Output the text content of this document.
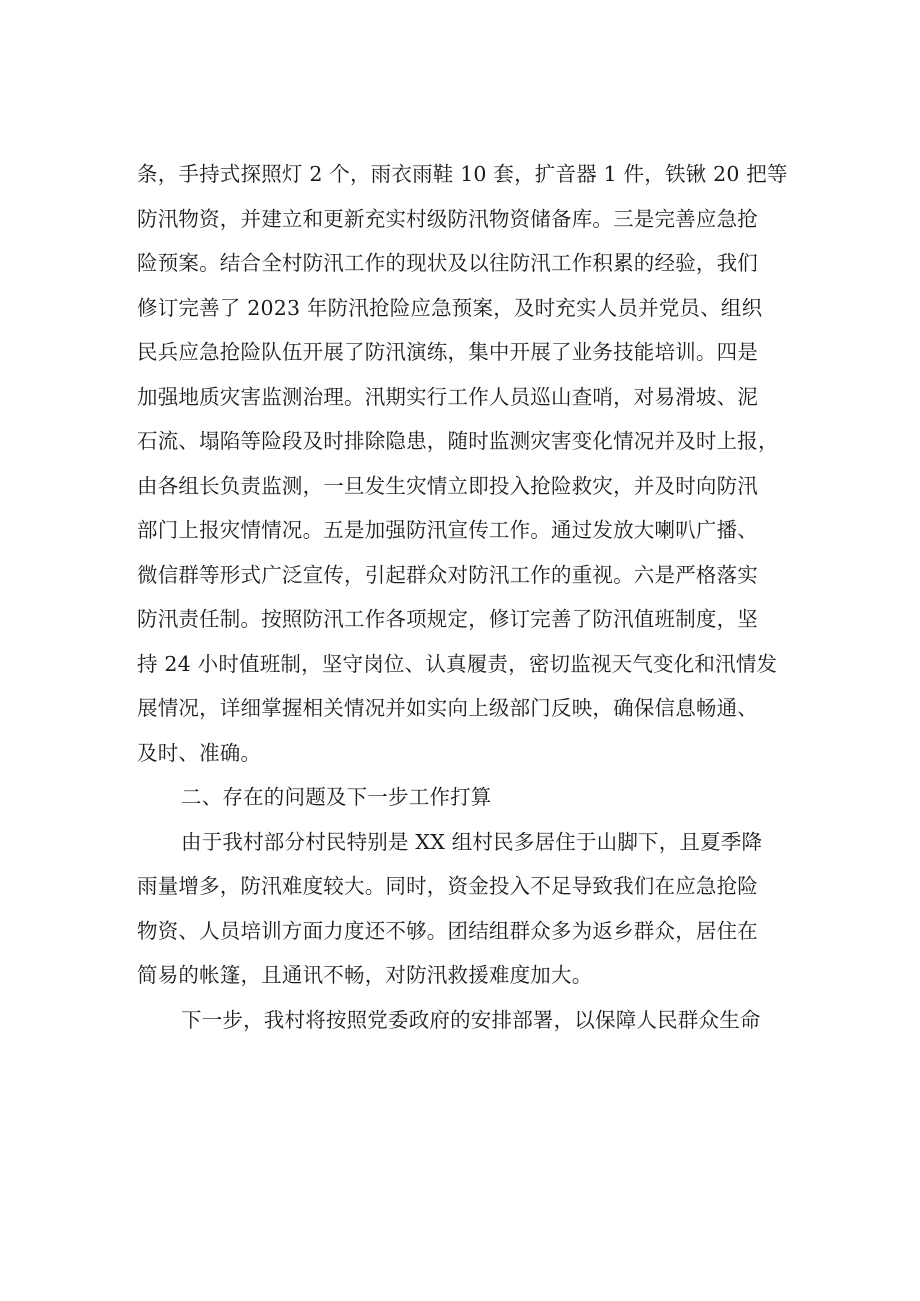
条，手持式探照灯 2 个，雨衣雨鞋 10 套，扩音器 1 件，铁锹 20 把等
防汛物资，并建立和更新充实村级防汛物资储备库。三是完善应急抢
险预案。结合全村防汛工作的现状及以往防汛工作积累的经验，我们
修订完善了 2023 年防汛抢险应急预案，及时充实人员并党员、组织
民兵应急抢险队伍开展了防汛演练，集中开展了业务技能培训。四是
加强地质灾害监测治理。汛期实行工作人员巡山查哨，对易滑坡、泥
石流、塌陷等险段及时排除隐患，随时监测灾害变化情况并及时上报，
由各组长负责监测，一旦发生灾情立即投入抢险救灾，并及时向防汛
部门上报灾情情况。五是加强防汛宣传工作。通过发放大喇叭广播、
微信群等形式广泛宣传，引起群众对防汛工作的重视。六是严格落实
防汛责任制。按照防汛工作各项规定，修订完善了防汛值班制度，坚
持 24 小时值班制，坚守岗位、认真履责，密切监视天气变化和汛情发
展情况，详细掌握相关情况并如实向上级部门反映，确保信息畅通、
及时、准确。
二、存在的问题及下一步工作打算
由于我村部分村民特别是 XX 组村民多居住于山脚下，且夏季降
雨量增多，防汛难度较大。同时，资金投入不足导致我们在应急抢险
物资、人员培训方面力度还不够。团结组群众多为返乡群众，居住在
简易的帐篷，且通讯不畅，对防汛救援难度加大。
下一步，我村将按照党委政府的安排部署，以保障人民群众生命
